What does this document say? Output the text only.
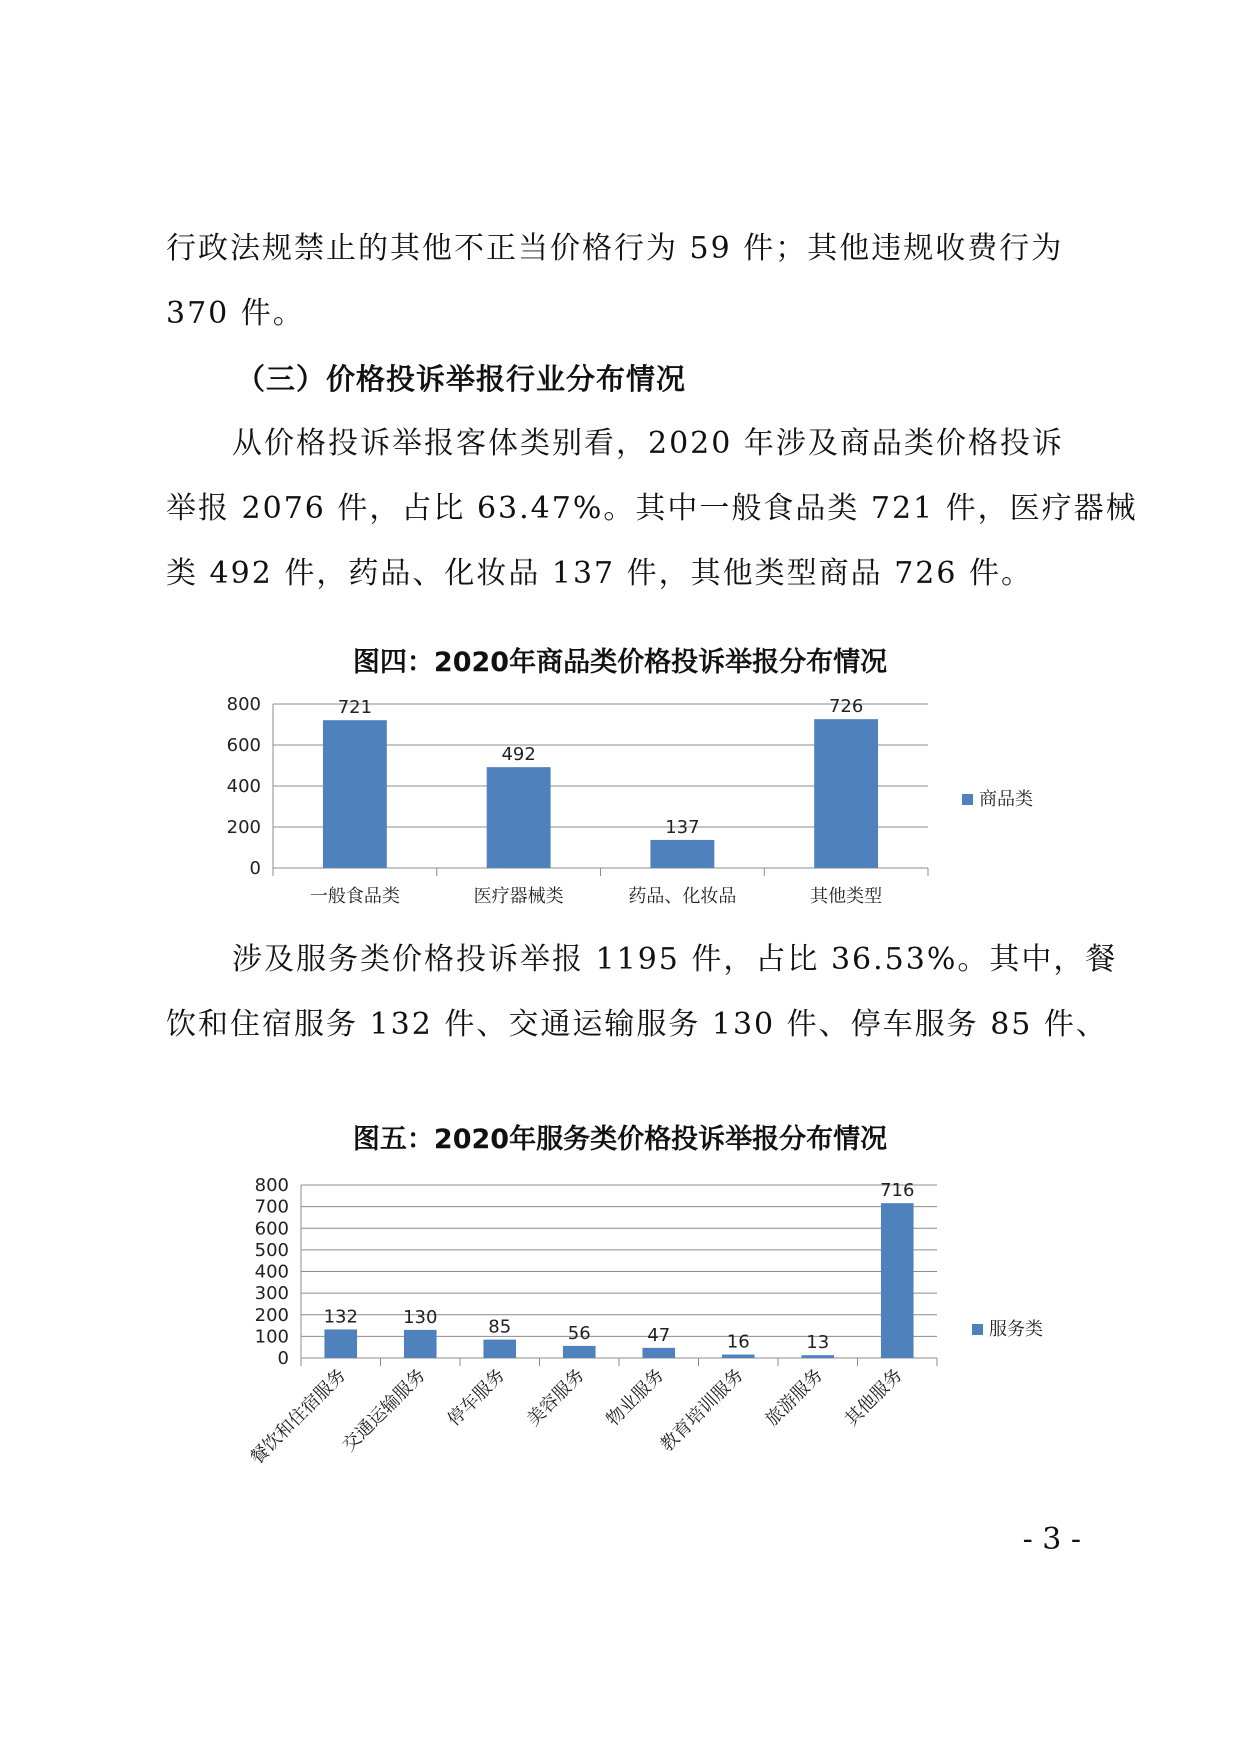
行政法规禁止的其他不正当价格行为 59 件；其他违规收费行为
370 件。
（三）价格投诉举报行业分布情况
从价格投诉举报客体类别看，2020 年涉及商品类价格投诉
举报 2076 件，占比 63.47%。其中一般食品类 721 件，医疗器械
类 492 件，药品、化妆品 137 件，其他类型商品 726 件。
图四：2020年商品类价格投诉举报分布情况
0
200
400
600
800	721
一般食品类
492
医疗器械类
137
药品、化妆品
726
其他类型
商品类
涉及服务类价格投诉举报 1195 件，占比 36.53%。其中，餐
饮和住宿服务 132 件、交通运输服务 130 件、停车服务 85 件、
图五：2020年服务类价格投诉举报分布情况
0
100
200
300
400
500
600
700
800
132
餐饮和住宿服务
130
交通运输服务
85
停车服务
56
美容服务
47
物业服务
16
教育培训服务
13
旅游服务
716
其他服务
服务类
- 3 -
